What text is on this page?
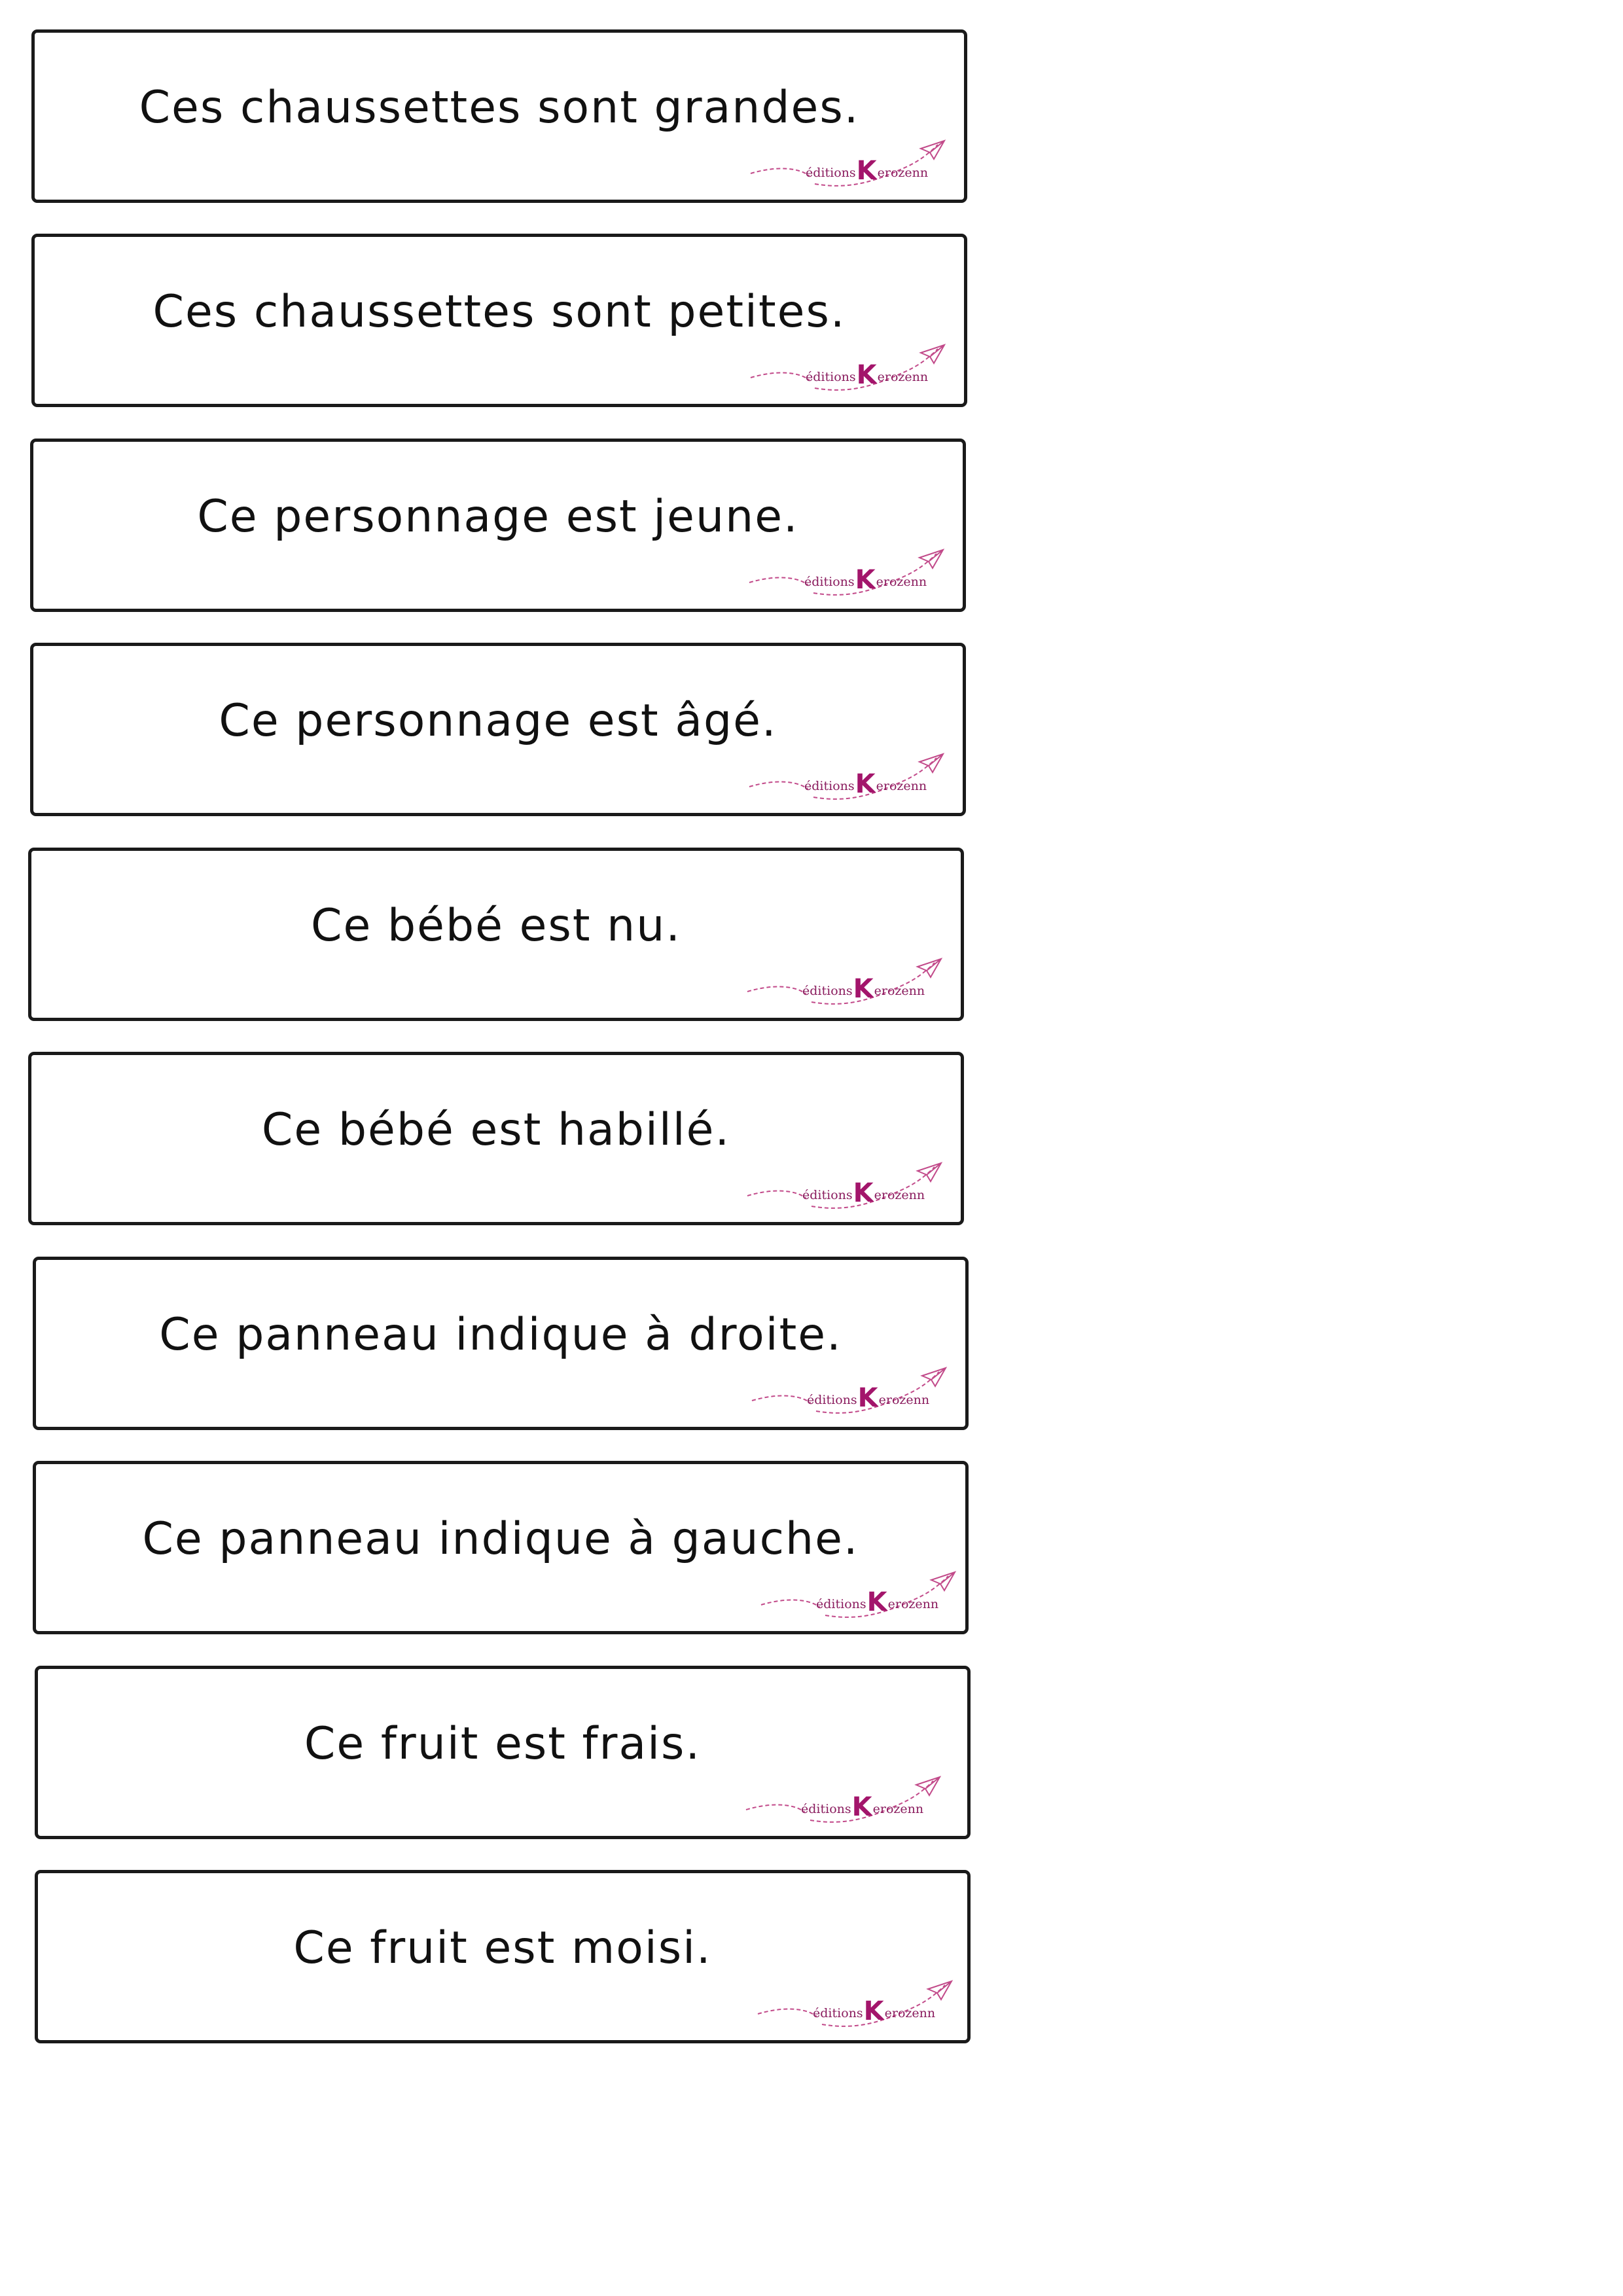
Ces chaussettes sont grandes.
éditionsKerozenn
Ces chaussettes sont petites.
éditionsKerozenn
Ce personnage est jeune.
éditionsKerozenn
Ce personnage est âgé.
éditionsKerozenn
Ce bébé est nu.
éditionsKerozenn
Ce bébé est habillé.
éditionsKerozenn
Ce panneau indique à droite.
éditionsKerozenn
Ce panneau indique à gauche.
éditionsKerozenn
Ce fruit est frais.
éditionsKerozenn
Ce fruit est moisi.
éditionsKerozenn
